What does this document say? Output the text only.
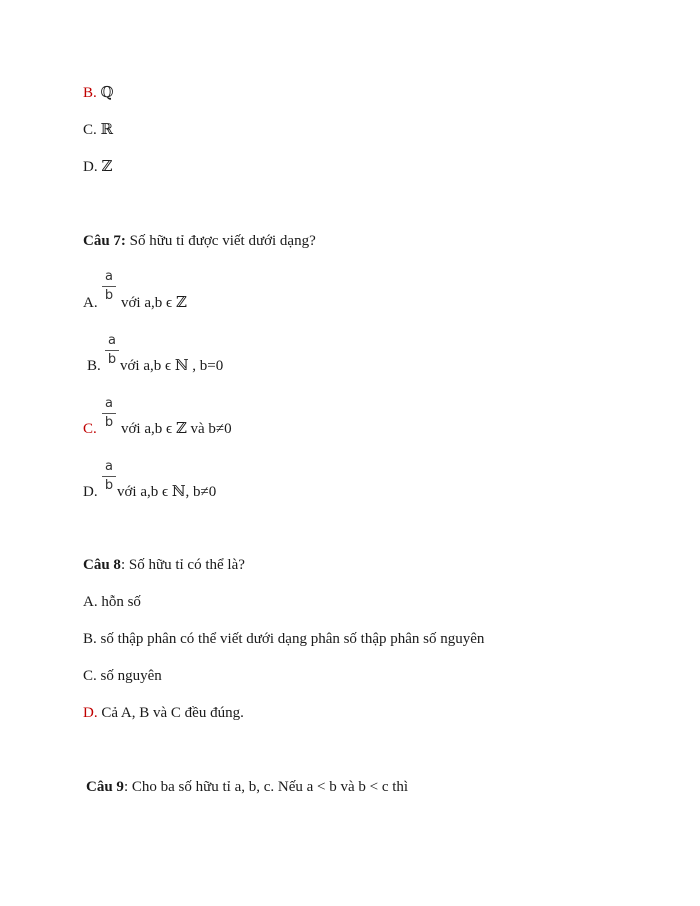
B. ℚ
C. ℝ
D. ℤ
Câu 7: Số hữu tỉ được viết dưới dạng?
a
b
A. với a,b ϵ ℤ
a
b
B. với a,b ϵ ℕ , b=0
a
b
C. với a,b ϵ ℤ và b≠0
a
b
D. với a,b ϵ ℕ, b≠0
Câu 8: Số hữu tỉ có thể là?
A. hỗn số
B. số thập phân có thể viết dưới dạng phân số thập phân số nguyên
C. số nguyên
D. Cả A, B và C đều đúng.
Câu 9: Cho ba số hữu tỉ a, b, c. Nếu a < b và b < c thì
